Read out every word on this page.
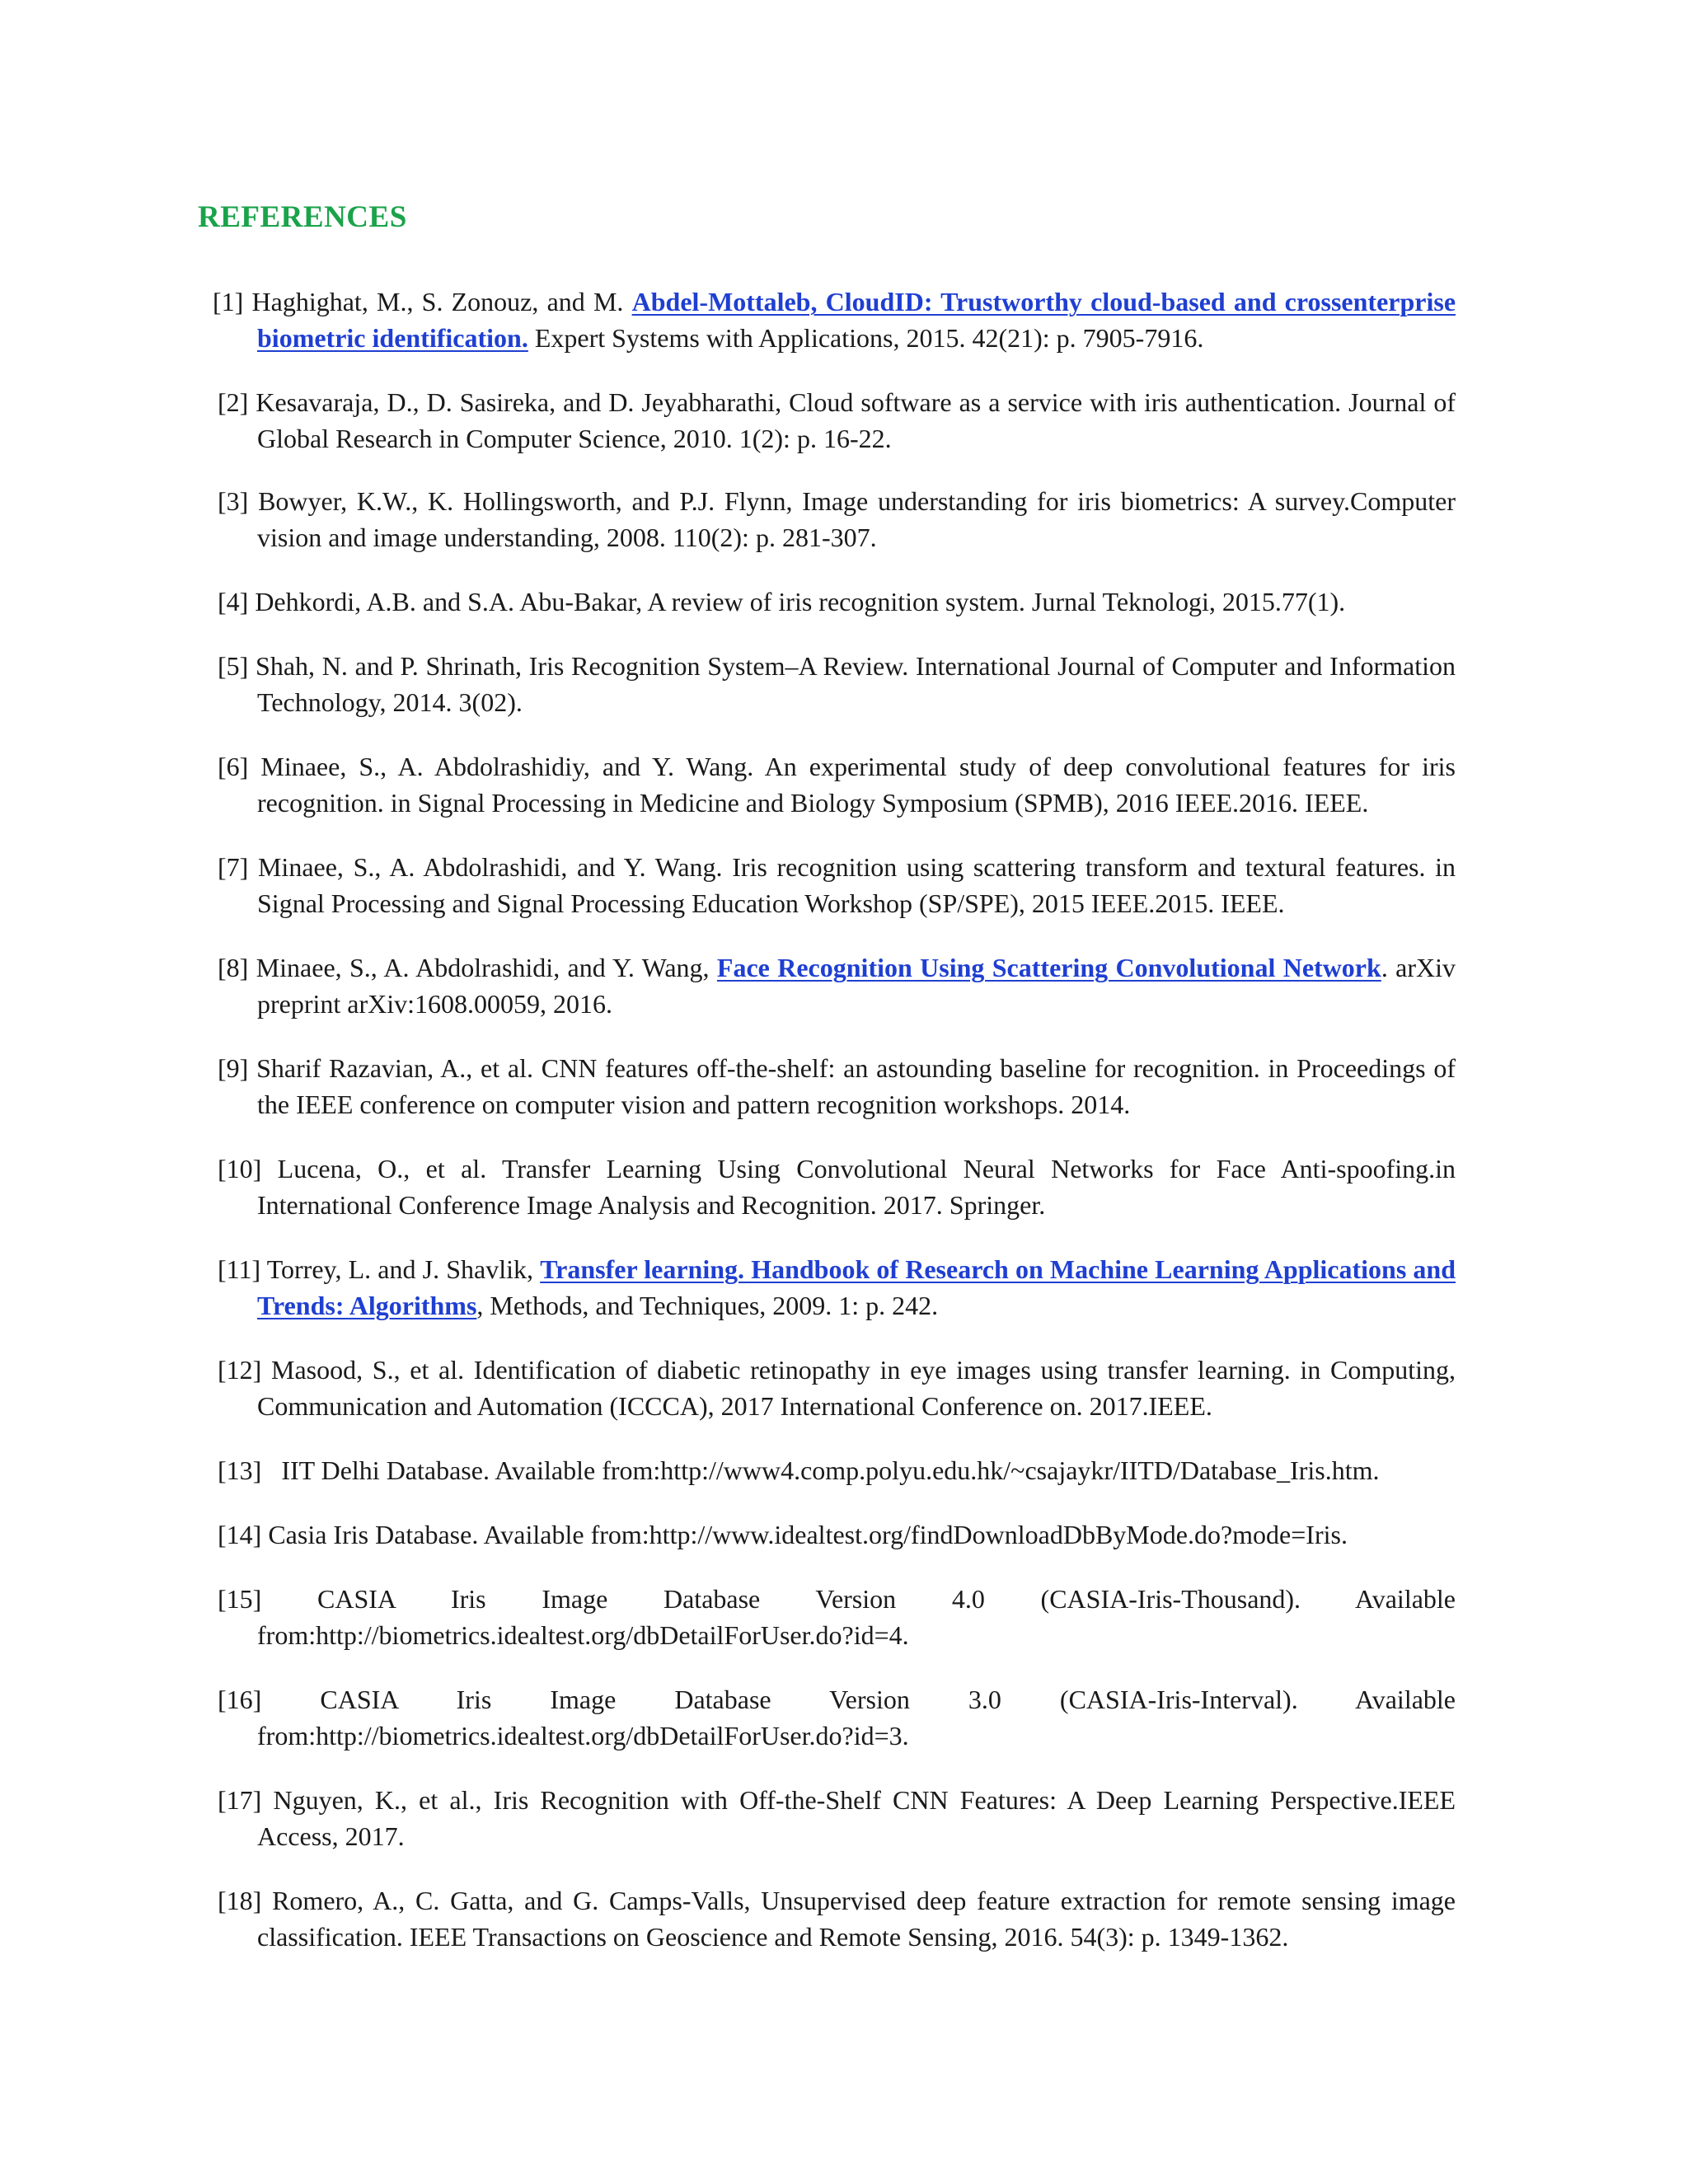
REFERENCES

[1] Haghighat, M., S. Zonouz, and M. Abdel-Mottaleb, CloudID: Trustworthy cloud-based and crossenterprise biometric identification. Expert Systems with Applications, 2015. 42(21): p. 7905-7916.

[2] Kesavaraja, D., D. Sasireka, and D. Jeyabharathi, Cloud software as a service with iris authentication. Journal of Global Research in Computer Science, 2010. 1(2): p. 16-22.

[3] Bowyer, K.W., K. Hollingsworth, and P.J. Flynn, Image understanding for iris biometrics: A survey.Computer vision and image understanding, 2008. 110(2): p. 281-307.

[4] Dehkordi, A.B. and S.A. Abu-Bakar, A review of iris recognition system. Jurnal Teknologi, 2015.77(1).

[5] Shah, N. and P. Shrinath, Iris Recognition System–A Review. International Journal of Computer and Information Technology, 2014. 3(02).

[6] Minaee, S., A. Abdolrashidiy, and Y. Wang. An experimental study of deep convolutional features for iris recognition. in Signal Processing in Medicine and Biology Symposium (SPMB), 2016 IEEE.2016. IEEE.

[7] Minaee, S., A. Abdolrashidi, and Y. Wang. Iris recognition using scattering transform and textural features. in Signal Processing and Signal Processing Education Workshop (SP/SPE), 2015 IEEE.2015. IEEE.

[8] Minaee, S., A. Abdolrashidi, and Y. Wang, Face Recognition Using Scattering Convolutional Network. arXiv preprint arXiv:1608.00059, 2016.

[9] Sharif Razavian, A., et al. CNN features off-the-shelf: an astounding baseline for recognition. in Proceedings of the IEEE conference on computer vision and pattern recognition workshops. 2014.

[10] Lucena, O., et al. Transfer Learning Using Convolutional Neural Networks for Face Anti-spoofing.in International Conference Image Analysis and Recognition. 2017. Springer.

[11] Torrey, L. and J. Shavlik, Transfer learning. Handbook of Research on Machine Learning Applications and Trends: Algorithms, Methods, and Techniques, 2009. 1: p. 242.

[12] Masood, S., et al. Identification of diabetic retinopathy in eye images using transfer learning. in Computing, Communication and Automation (ICCCA), 2017 International Conference on. 2017.IEEE.

[13] IIT Delhi Database. Available from:http://www4.comp.polyu.edu.hk/~csajaykr/IITD/Database_Iris.htm.

[14] Casia Iris Database. Available from:http://www.idealtest.org/findDownloadDbByMode.do?mode=Iris.

[15] CASIA Iris Image Database Version 4.0 (CASIA-Iris-Thousand). Available from:http://biometrics.idealtest.org/dbDetailForUser.do?id=4.

[16] CASIA Iris Image Database Version 3.0 (CASIA-Iris-Interval). Available from:http://biometrics.idealtest.org/dbDetailForUser.do?id=3.

[17] Nguyen, K., et al., Iris Recognition with Off-the-Shelf CNN Features: A Deep Learning Perspective.IEEE Access, 2017.

[18] Romero, A., C. Gatta, and G. Camps-Valls, Unsupervised deep feature extraction for remote sensing image classification. IEEE Transactions on Geoscience and Remote Sensing, 2016. 54(3): p. 1349-1362.
